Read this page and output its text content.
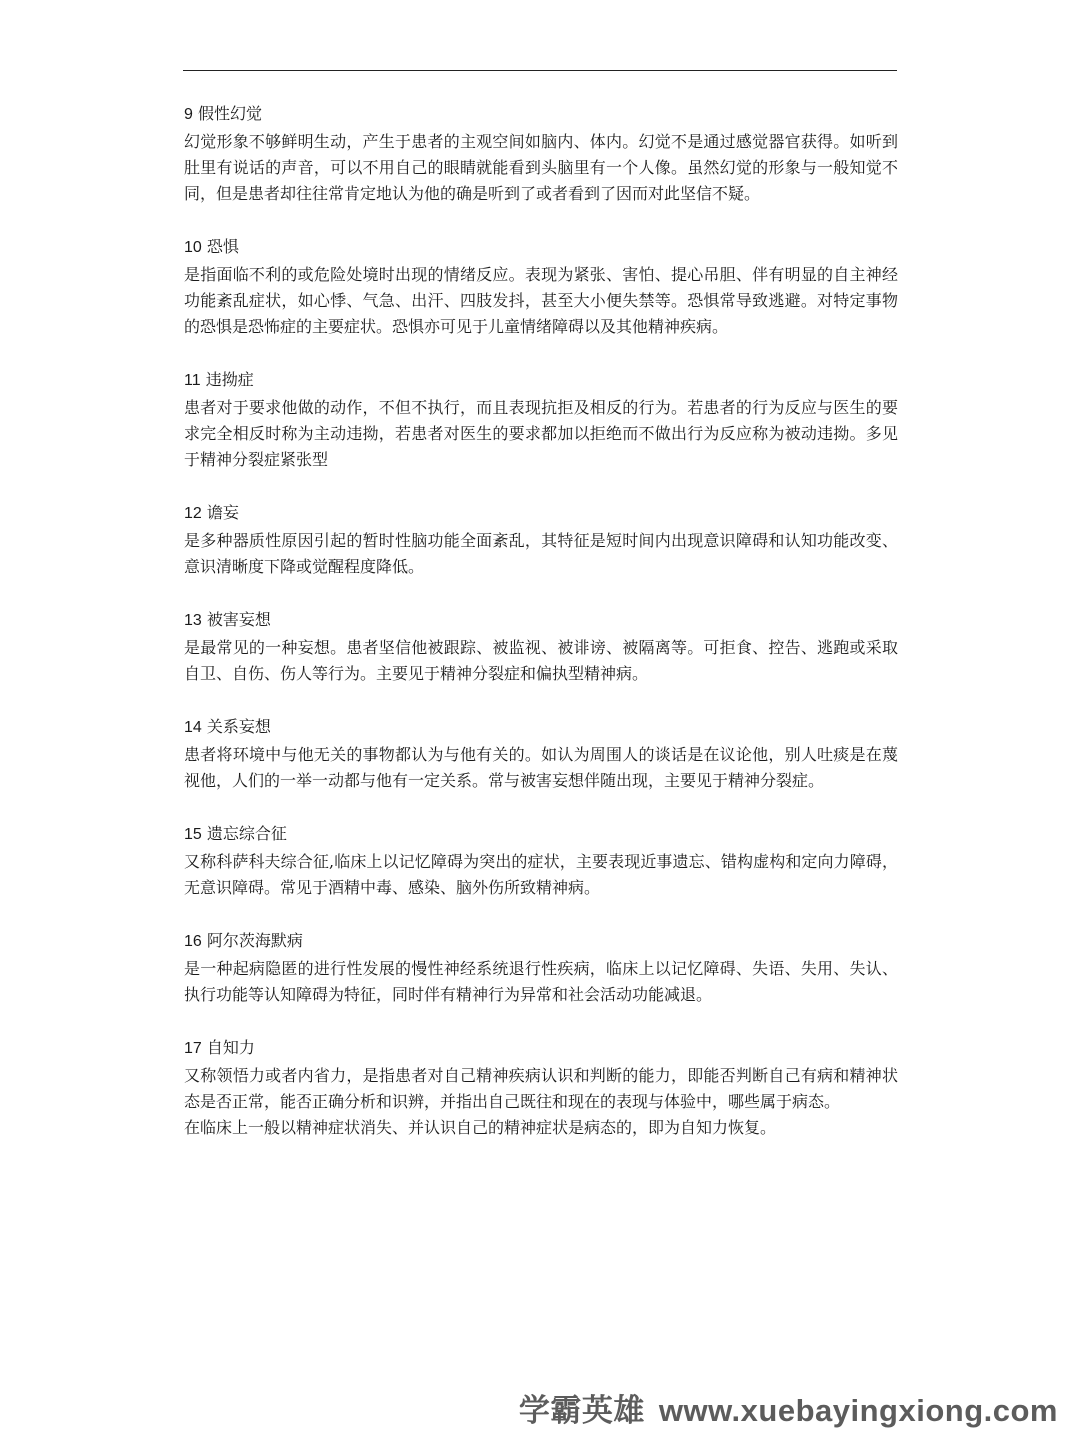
9 假性幻觉

幻觉形象不够鲜明生动，产生于患者的主观空间如脑内、体内。幻觉不是通过感觉器官获得。如听到肚里有说话的声音，可以不用自己的眼睛就能看到头脑里有一个人像。虽然幻觉的形象与一般知觉不同，但是患者却往往常肯定地认为他的确是听到了或者看到了因而对此坚信不疑。

10 恐惧

是指面临不利的或危险处境时出现的情绪反应。表现为紧张、害怕、提心吊胆、伴有明显的自主神经功能紊乱症状，如心悸、气急、出汗、四肢发抖，甚至大小便失禁等。恐惧常导致逃避。对特定事物的恐惧是恐怖症的主要症状。恐惧亦可见于儿童情绪障碍以及其他精神疾病。

11 违拗症

患者对于要求他做的动作，不但不执行，而且表现抗拒及相反的行为。若患者的行为反应与医生的要求完全相反时称为主动违拗，若患者对医生的要求都加以拒绝而不做出行为反应称为被动违拗。多见于精神分裂症紧张型

12 谵妄

是多种器质性原因引起的暂时性脑功能全面紊乱，其特征是短时间内出现意识障碍和认知功能改变、意识清晰度下降或觉醒程度降低。

13 被害妄想

是最常见的一种妄想。患者坚信他被跟踪、被监视、被诽谤、被隔离等。可拒食、控告、逃跑或采取自卫、自伤、伤人等行为。主要见于精神分裂症和偏执型精神病。

14 关系妄想

患者将环境中与他无关的事物都认为与他有关的。如认为周围人的谈话是在议论他，别人吐痰是在蔑视他，人们的一举一动都与他有一定关系。常与被害妄想伴随出现，主要见于精神分裂症。

15 遗忘综合征

又称科萨科夫综合征,临床上以记忆障碍为突出的症状，主要表现近事遗忘、错构虚构和定向力障碍，无意识障碍。常见于酒精中毒、感染、脑外伤所致精神病。

16 阿尔茨海默病

是一种起病隐匿的进行性发展的慢性神经系统退行性疾病，临床上以记忆障碍、失语、失用、失认、执行功能等认知障碍为特征，同时伴有精神行为异常和社会活动功能减退。

17 自知力

又称领悟力或者内省力，是指患者对自己精神疾病认识和判断的能力，即能否判断自己有病和精神状态是否正常，能否正确分析和识辨，并指出自己既往和现在的表现与体验中，哪些属于病态。

在临床上一般以精神症状消失、并认识自己的精神症状是病态的，即为自知力恢复。

学霸英雄 www.xuebayingxiong.com
